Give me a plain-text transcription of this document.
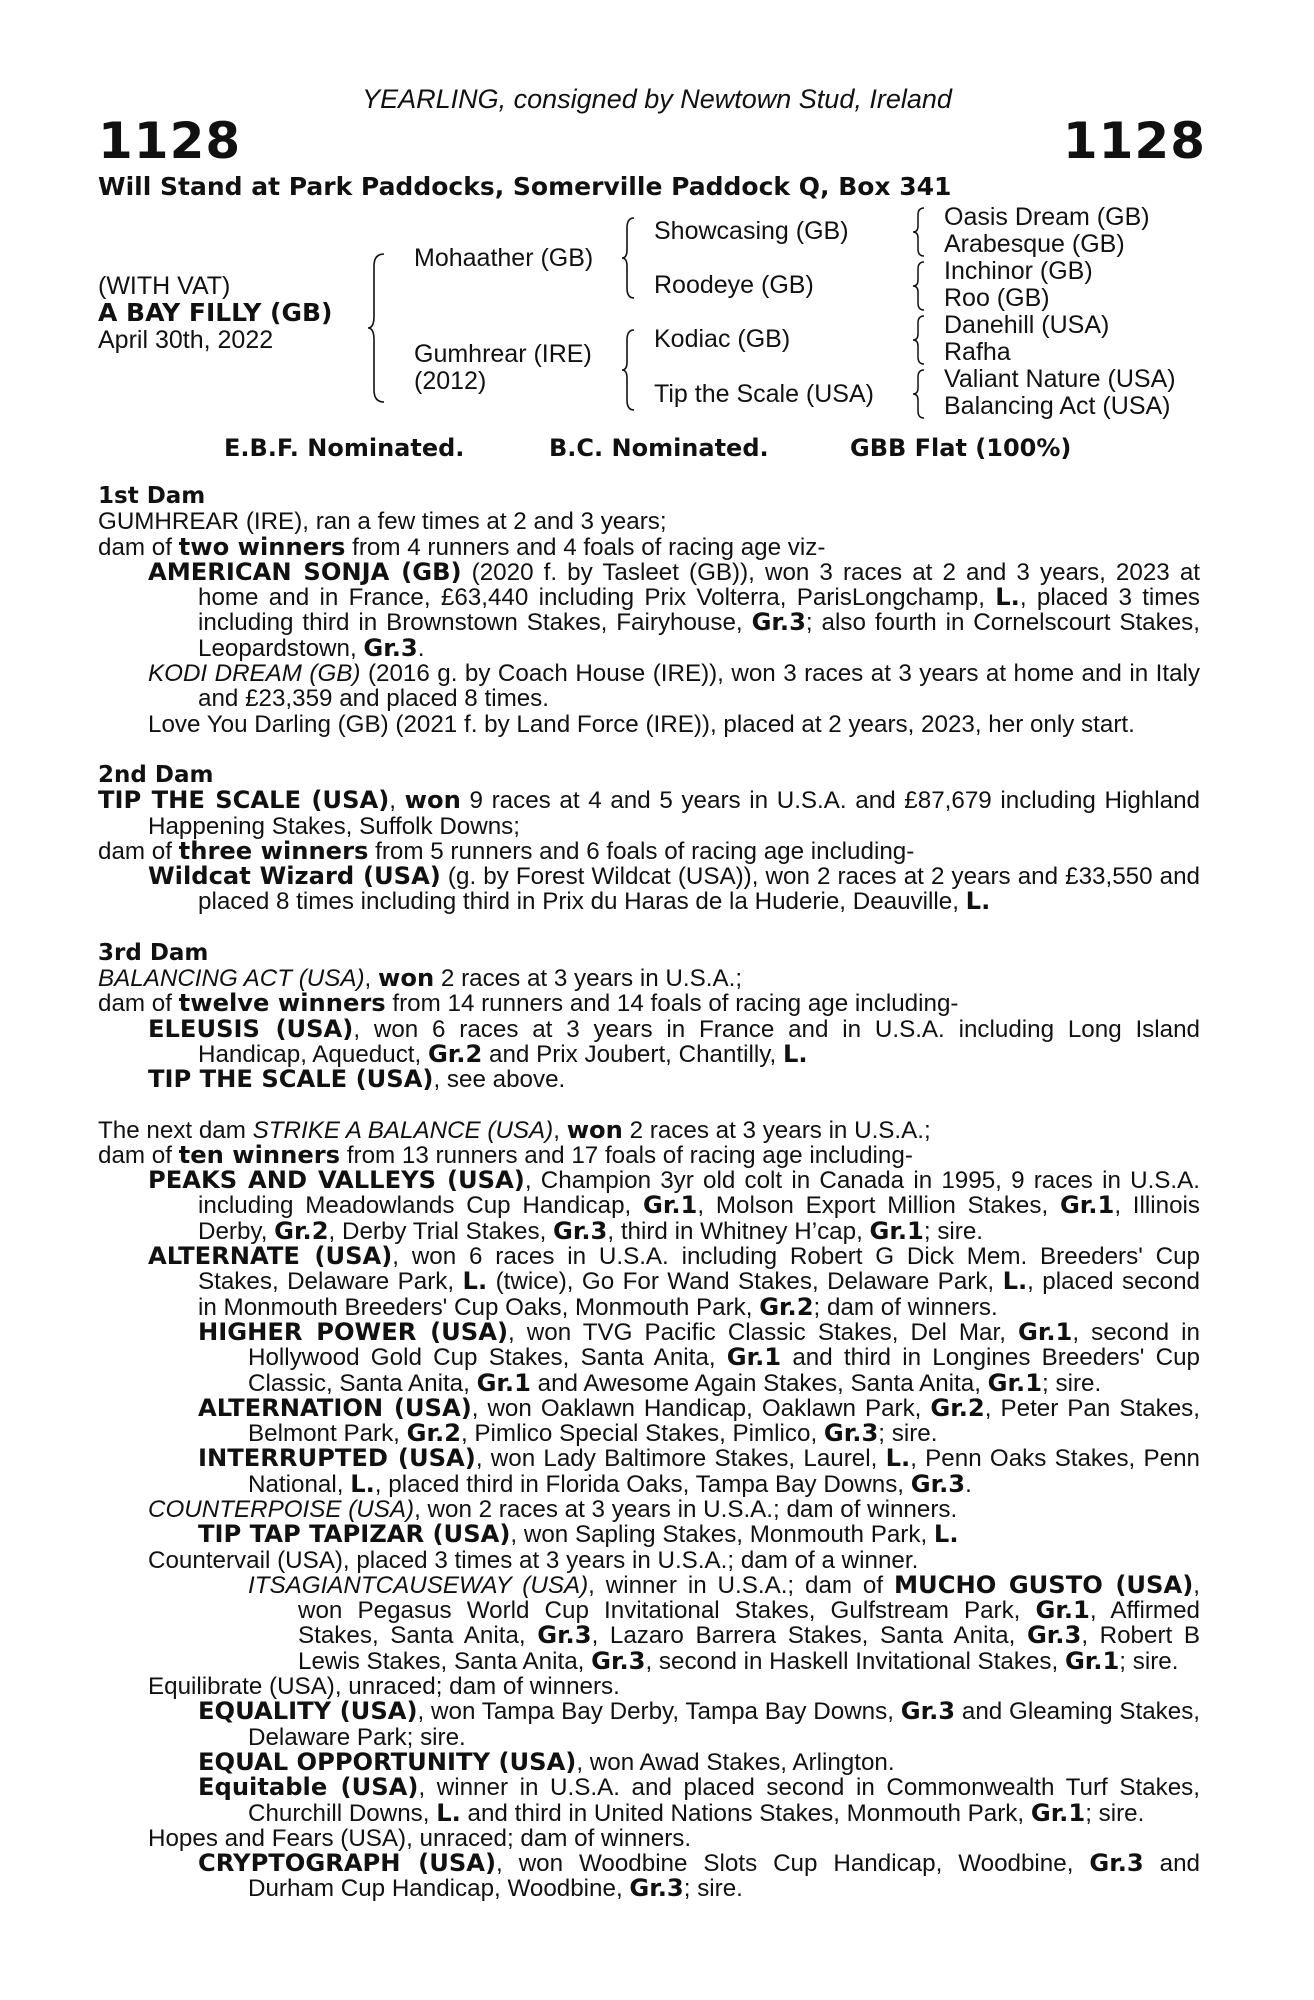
YEARLING, consigned by Newtown Stud, Ireland
1128	1128
Will Stand at Park Paddocks, Somerville Paddock Q, Box 341
(WITH VAT)
A BAY FILLY (GB)
April 30th, 2022
Mohaather (GB)
Gumhrear (IRE)
(2012)
Showcasing (GB)
Roodeye (GB)
Kodiac (GB)
Tip the Scale (USA)
Oasis Dream (GB)
Arabesque (GB)
Inchinor (GB)
Roo (GB)
Danehill (USA)
Rafha
Valiant Nature (USA)
Balancing Act (USA)
E.B.F. Nominated.	B.C. Nominated.	GBB Flat (100%)

1st Dam

GUMHREAR (IRE), ran a few times at 2 and 3 years;

dam of two winners from 4 runners and 4 foals of racing age viz-

AMERICAN SONJA (GB) (2020 f. by Tasleet (GB)), won 3 races at 2 and 3 years, 2023 at home and in France, £63,440 including Prix Volterra, ParisLongchamp, L., placed 3 times including third in Brownstown Stakes, Fairyhouse, Gr.3; also fourth in Cornelscourt Stakes, Leopardstown, Gr.3.

KODI DREAM (GB) (2016 g. by Coach House (IRE)), won 3 races at 3 years at home and in Italy and £23,359 and placed 8 times.

Love You Darling (GB) (2021 f. by Land Force (IRE)), placed at 2 years, 2023, her only start.

2nd Dam

TIP THE SCALE (USA), won 9 races at 4 and 5 years in U.S.A. and £87,679 including Highland Happening Stakes, Suffolk Downs;

dam of three winners from 5 runners and 6 foals of racing age including-

Wildcat Wizard (USA) (g. by Forest Wildcat (USA)), won 2 races at 2 years and £33,550 and placed 8 times including third in Prix du Haras de la Huderie, Deauville, L.

3rd Dam

BALANCING ACT (USA), won 2 races at 3 years in U.S.A.;

dam of twelve winners from 14 runners and 14 foals of racing age including-

ELEUSIS (USA), won 6 races at 3 years in France and in U.S.A. including Long Island Handicap, Aqueduct, Gr.2 and Prix Joubert, Chantilly, L.

TIP THE SCALE (USA), see above.

The next dam STRIKE A BALANCE (USA), won 2 races at 3 years in U.S.A.;

dam of ten winners from 13 runners and 17 foals of racing age including-

PEAKS AND VALLEYS (USA), Champion 3yr old colt in Canada in 1995, 9 races in U.S.A. including Meadowlands Cup Handicap, Gr.1, Molson Export Million Stakes, Gr.1, Illinois Derby, Gr.2, Derby Trial Stakes, Gr.3, third in Whitney H’cap, Gr.1; sire.

ALTERNATE (USA), won 6 races in U.S.A. including Robert G Dick Mem. Breeders' Cup Stakes, Delaware Park, L. (twice), Go For Wand Stakes, Delaware Park, L., placed second in Monmouth Breeders' Cup Oaks, Monmouth Park, Gr.2; dam of winners.

HIGHER POWER (USA), won TVG Pacific Classic Stakes, Del Mar, Gr.1, second in Hollywood Gold Cup Stakes, Santa Anita, Gr.1 and third in Longines Breeders' Cup Classic, Santa Anita, Gr.1 and Awesome Again Stakes, Santa Anita, Gr.1; sire.

ALTERNATION (USA), won Oaklawn Handicap, Oaklawn Park, Gr.2, Peter Pan Stakes, Belmont Park, Gr.2, Pimlico Special Stakes, Pimlico, Gr.3; sire.

INTERRUPTED (USA), won Lady Baltimore Stakes, Laurel, L., Penn Oaks Stakes, Penn National, L., placed third in Florida Oaks, Tampa Bay Downs, Gr.3.

COUNTERPOISE (USA), won 2 races at 3 years in U.S.A.; dam of winners.

TIP TAP TAPIZAR (USA), won Sapling Stakes, Monmouth Park, L.

Countervail (USA), placed 3 times at 3 years in U.S.A.; dam of a winner.

ITSAGIANTCAUSEWAY (USA), winner in U.S.A.; dam of MUCHO GUSTO (USA), won Pegasus World Cup Invitational Stakes, Gulfstream Park, Gr.1, Affirmed Stakes, Santa Anita, Gr.3, Lazaro Barrera Stakes, Santa Anita, Gr.3, Robert B Lewis Stakes, Santa Anita, Gr.3, second in Haskell Invitational Stakes, Gr.1; sire.

Equilibrate (USA), unraced; dam of winners.

EQUALITY (USA), won Tampa Bay Derby, Tampa Bay Downs, Gr.3 and Gleaming Stakes, Delaware Park; sire.

EQUAL OPPORTUNITY (USA), won Awad Stakes, Arlington.

Equitable (USA), winner in U.S.A. and placed second in Commonwealth Turf Stakes, Churchill Downs, L. and third in United Nations Stakes, Monmouth Park, Gr.1; sire.

Hopes and Fears (USA), unraced; dam of winners.

CRYPTOGRAPH (USA), won Woodbine Slots Cup Handicap, Woodbine, Gr.3 and Durham Cup Handicap, Woodbine, Gr.3; sire.
